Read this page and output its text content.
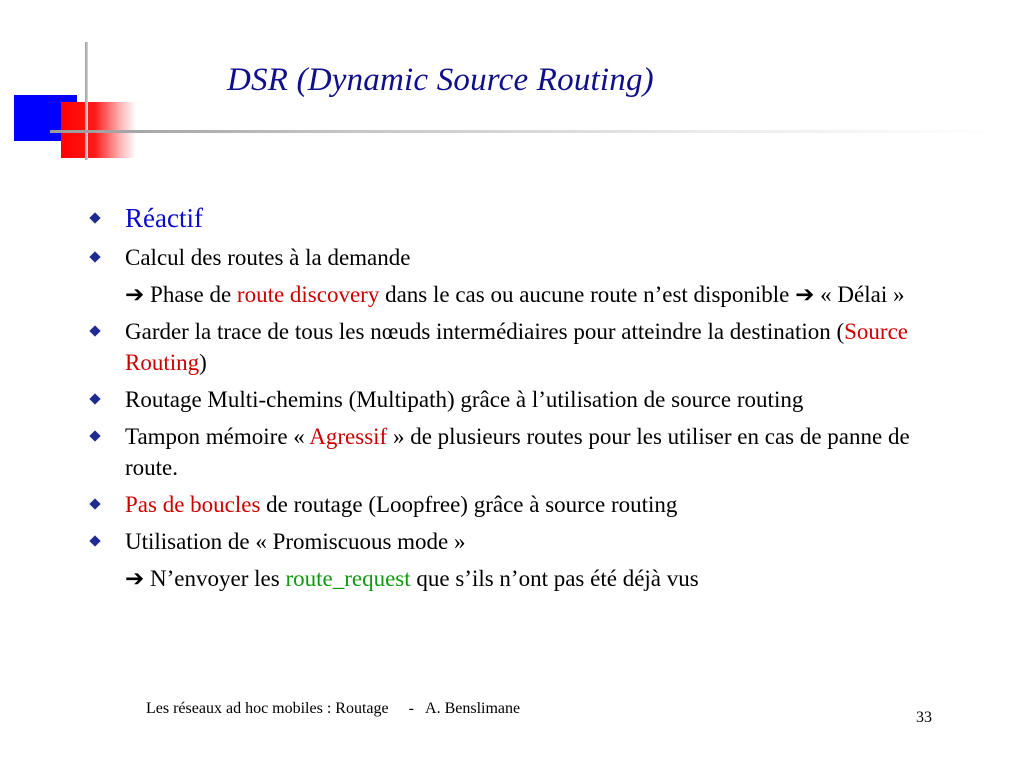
DSR (Dynamic Source Routing)
Réactif
Calcul des routes à la demande
➔ Phase de route discovery dans le cas ou aucune route n’est disponible ➔ « Délai »
Garder la trace de tous les nœuds intermédiaires pour atteindre la destination (Source Routing)
Routage Multi-chemins (Multipath) grâce à l’utilisation de source routing
Tampon mémoire « Agressif » de plusieurs routes pour les utiliser en cas de panne de route.
Pas de boucles de routage (Loopfree) grâce à source routing
Utilisation de « Promiscuous mode »
➔ N’envoyer les route_request que s’ils n’ont pas été déjà vus
Les réseaux ad hoc mobiles : Routage     -   A. Benslimane
33
